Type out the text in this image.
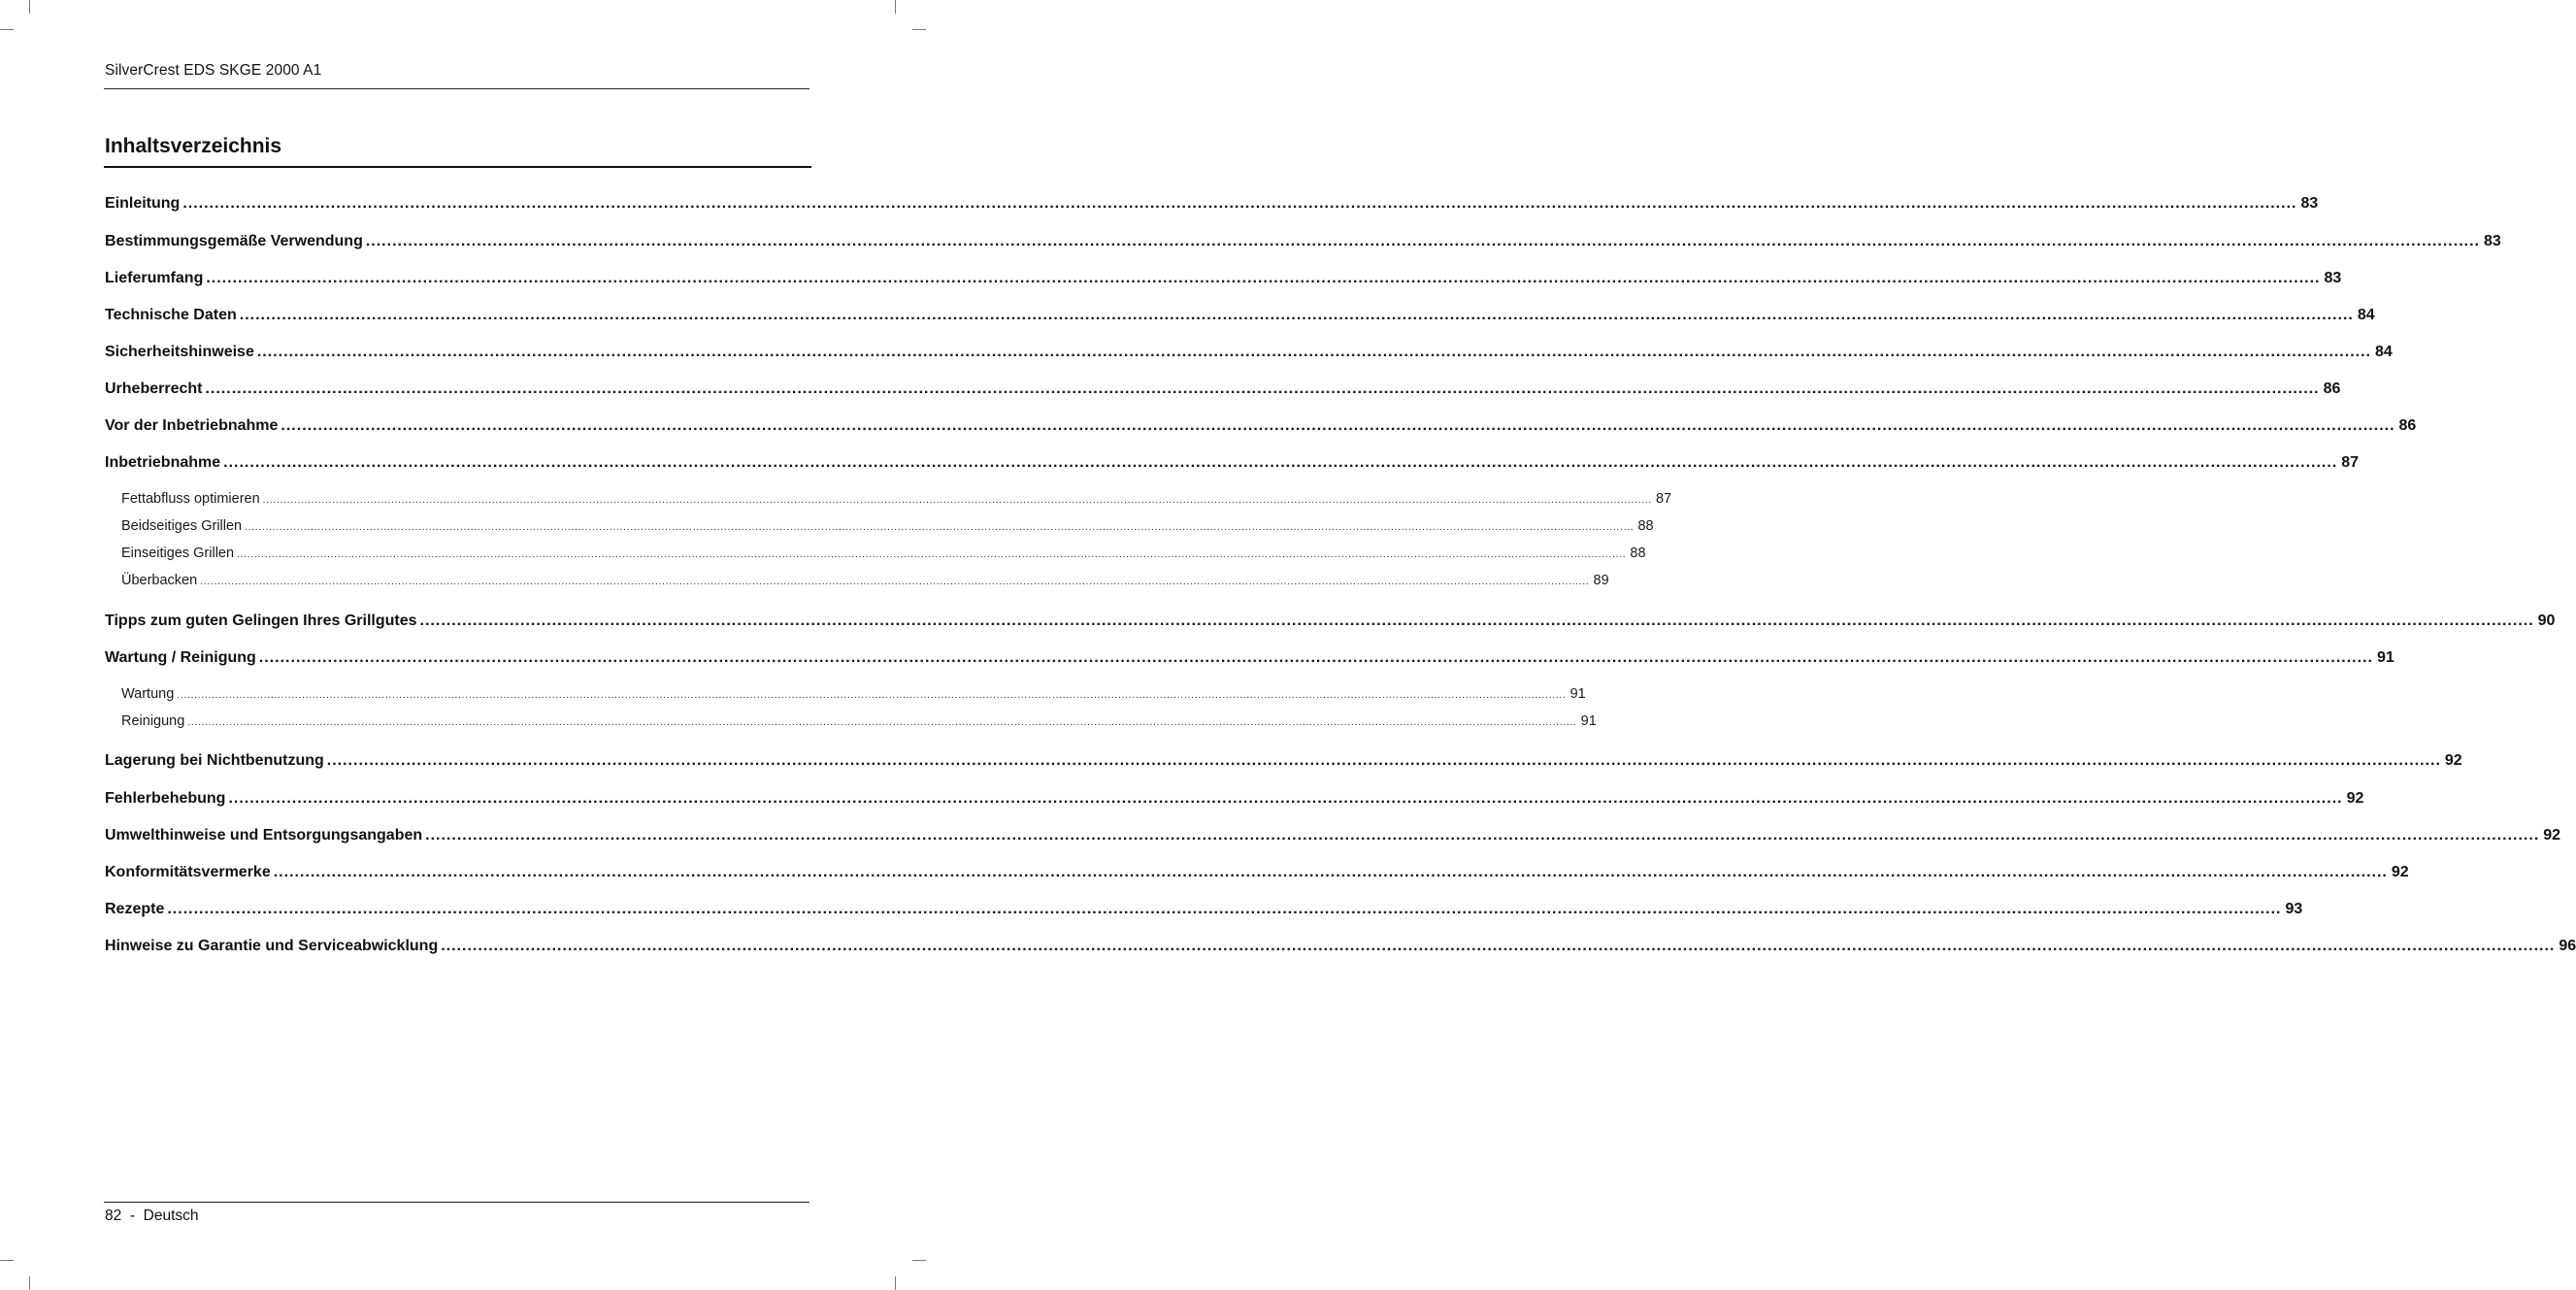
SilverCrest EDS SKGE 2000 A1
Inhaltsverzeichnis
Einleitung ................................................................................................................................................................................................................................................................................................................................................................................................................ 83
Bestimmungsgemäße Verwendung ................................................................................................................................................................................................................................................................................................................................................................................................................ 83
Lieferumfang ................................................................................................................................................................................................................................................................................................................................................................................................................ 83
Technische Daten ................................................................................................................................................................................................................................................................................................................................................................................................................ 84
Sicherheitshinweise ................................................................................................................................................................................................................................................................................................................................................................................................................ 84
Urheberrecht ................................................................................................................................................................................................................................................................................................................................................................................................................ 86
Vor der Inbetriebnahme ................................................................................................................................................................................................................................................................................................................................................................................................................ 86
Inbetriebnahme ................................................................................................................................................................................................................................................................................................................................................................................................................ 87
Fettabfluss optimieren ................................................................................................................................................................................................................................................................................................................................................................................................................ 87
Beidseitiges Grillen ................................................................................................................................................................................................................................................................................................................................................................................................................ 88
Einseitiges Grillen ................................................................................................................................................................................................................................................................................................................................................................................................................ 88
Überbacken ................................................................................................................................................................................................................................................................................................................................................................................................................ 89
Tipps zum guten Gelingen Ihres Grillgutes ................................................................................................................................................................................................................................................................................................................................................................................................................ 90
Wartung / Reinigung ................................................................................................................................................................................................................................................................................................................................................................................................................ 91
Wartung ................................................................................................................................................................................................................................................................................................................................................................................................................ 91
Reinigung ................................................................................................................................................................................................................................................................................................................................................................................................................ 91
Lagerung bei Nichtbenutzung ................................................................................................................................................................................................................................................................................................................................................................................................................ 92
Fehlerbehebung ................................................................................................................................................................................................................................................................................................................................................................................................................ 92
Umwelthinweise und Entsorgungsangaben ................................................................................................................................................................................................................................................................................................................................................................................................................ 92
Konformitätsvermerke ................................................................................................................................................................................................................................................................................................................................................................................................................ 92
Rezepte ................................................................................................................................................................................................................................................................................................................................................................................................................ 93
Hinweise zu Garantie und Serviceabwicklung ................................................................................................................................................................................................................................................................................................................................................................................................................ 96
82 - Deutsch
